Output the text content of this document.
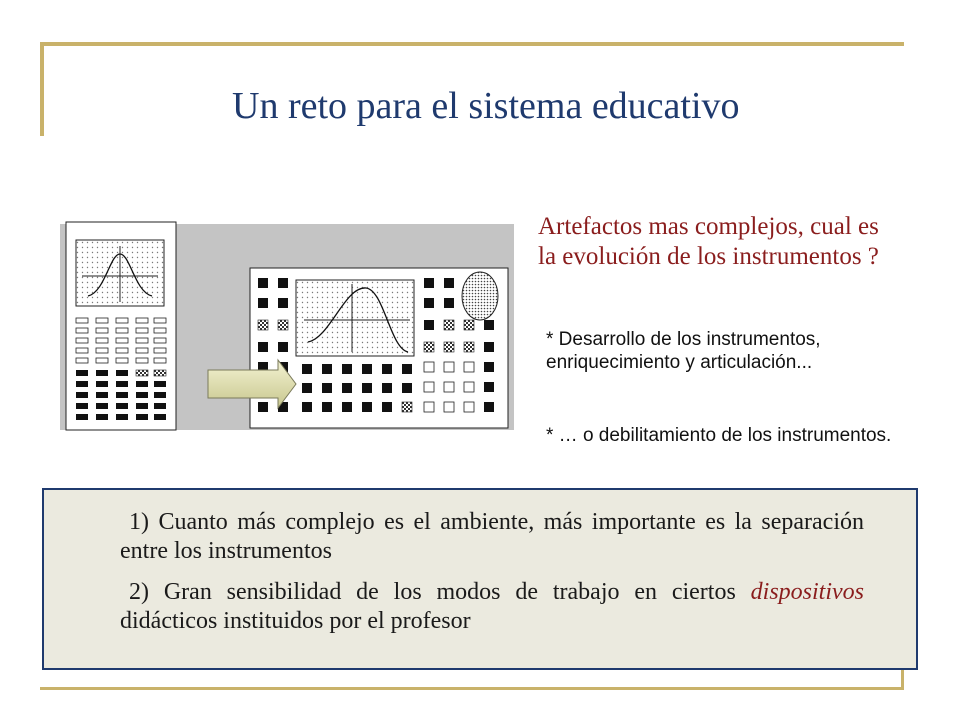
Un reto para el sistema educativo
Artefactos mas complejos, cual es la evolución de los instrumentos ?
* Desarrollo de los instrumentos, enriquecimiento y articulación...
* … o debilitamiento de los instrumentos.
1) Cuanto más complejo es el ambiente, más importante es la separación entre los instrumentos
2) Gran sensibilidad de los modos de trabajo en ciertos dispositivos didácticos instituidos por el profesor
